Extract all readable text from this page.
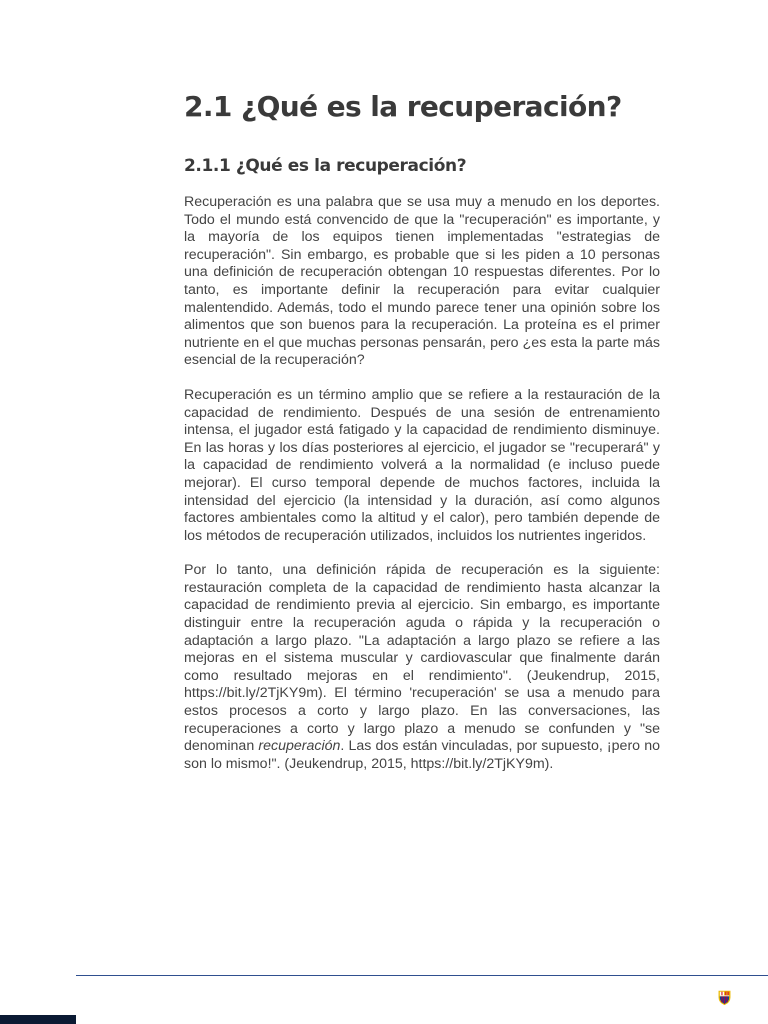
2.1 ¿Qué es la recuperación?
2.1.1 ¿Qué es la recuperación?

Recuperación es una palabra que se usa muy a menudo en los deportes. Todo el mundo está convencido de que la "recuperación" es importante, y la mayoría de los equipos tienen implementadas "estrategias de recuperación". Sin embargo, es probable que si les piden a 10 personas una definición de recuperación obtengan 10 respuestas diferentes. Por lo tanto, es importante definir la recuperación para evitar cualquier malentendido. Además, todo el mundo parece tener una opinión sobre los alimentos que son buenos para la recuperación. La proteína es el primer nutriente en el que muchas personas pensarán, pero ¿es esta la parte más esencial de la recuperación?

Recuperación es un término amplio que se refiere a la restauración de la capacidad de rendimiento. Después de una sesión de entrenamiento intensa, el jugador está fatigado y la capacidad de rendimiento disminuye. En las horas y los días posteriores al ejercicio, el jugador se "recuperará" y la capacidad de rendimiento volverá a la normalidad (e incluso puede mejorar). El curso temporal depende de muchos factores, incluida la intensidad del ejercicio (la intensidad y la duración, así como algunos factores ambientales como la altitud y el calor), pero también depende de los métodos de recuperación utilizados, incluidos los nutrientes ingeridos.

Por lo tanto, una definición rápida de recuperación es la siguiente: restauración completa de la capacidad de rendimiento hasta alcanzar la capacidad de rendimiento previa al ejercicio. Sin embargo, es importante distinguir entre la recuperación aguda o rápida y la recuperación o adaptación a largo plazo. "La adaptación a largo plazo se refiere a las mejoras en el sistema muscular y cardiovascular que finalmente darán como resultado mejoras en el rendimiento". (Jeukendrup, 2015, https://bit.ly/2TjKY9m). El término 'recuperación' se usa a menudo para estos procesos a corto y largo plazo. En las conversaciones, las recuperaciones a corto y largo plazo a menudo se confunden y "se denominan recuperación. Las dos están vinculadas, por supuesto, ¡pero no son lo mismo!". (Jeukendrup, 2015, https://bit.ly/2TjKY9m).
